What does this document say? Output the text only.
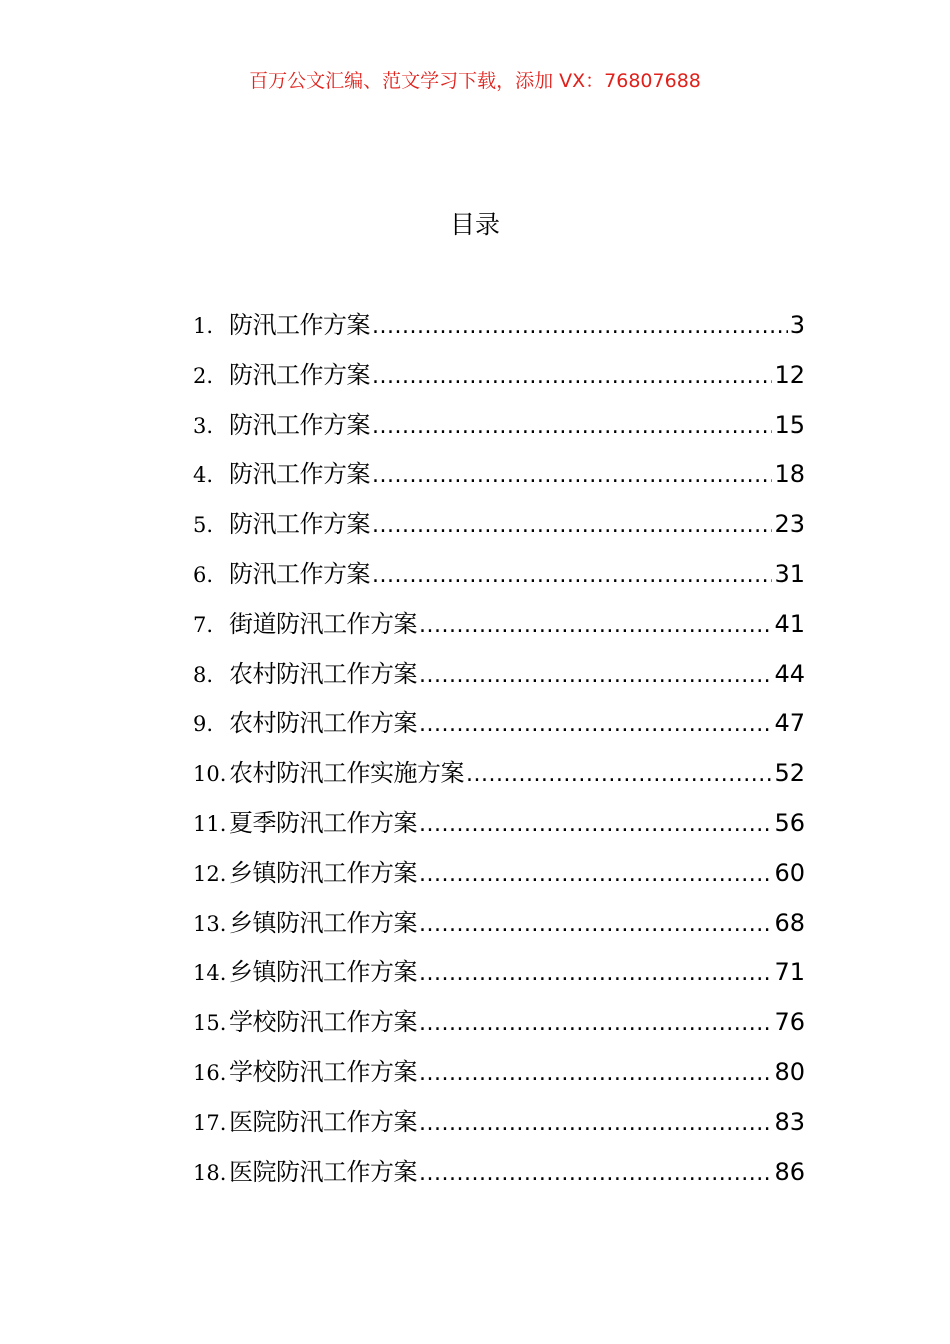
百万公文汇编、范文学习下载，添加 VX：76807688
目录
1. 防汛工作方案 .....	3
2. 防汛工作方案 .....	12
3. 防汛工作方案 .....	15
4. 防汛工作方案 .....	18
5. 防汛工作方案 .....	23
6. 防汛工作方案 .....	31
7. 街道防汛工作方案 .....	41
8. 农村防汛工作方案 .....	44
9. 农村防汛工作方案 .....	47
10. 农村防汛工作实施方案 .....	52
11. 夏季防汛工作方案 .....	56
12. 乡镇防汛工作方案 .....	60
13. 乡镇防汛工作方案 .....	68
14. 乡镇防汛工作方案 .....	71
15. 学校防汛工作方案 .....	76
16. 学校防汛工作方案 .....	80
17. 医院防汛工作方案 .....	83
18. 医院防汛工作方案 .....	86
